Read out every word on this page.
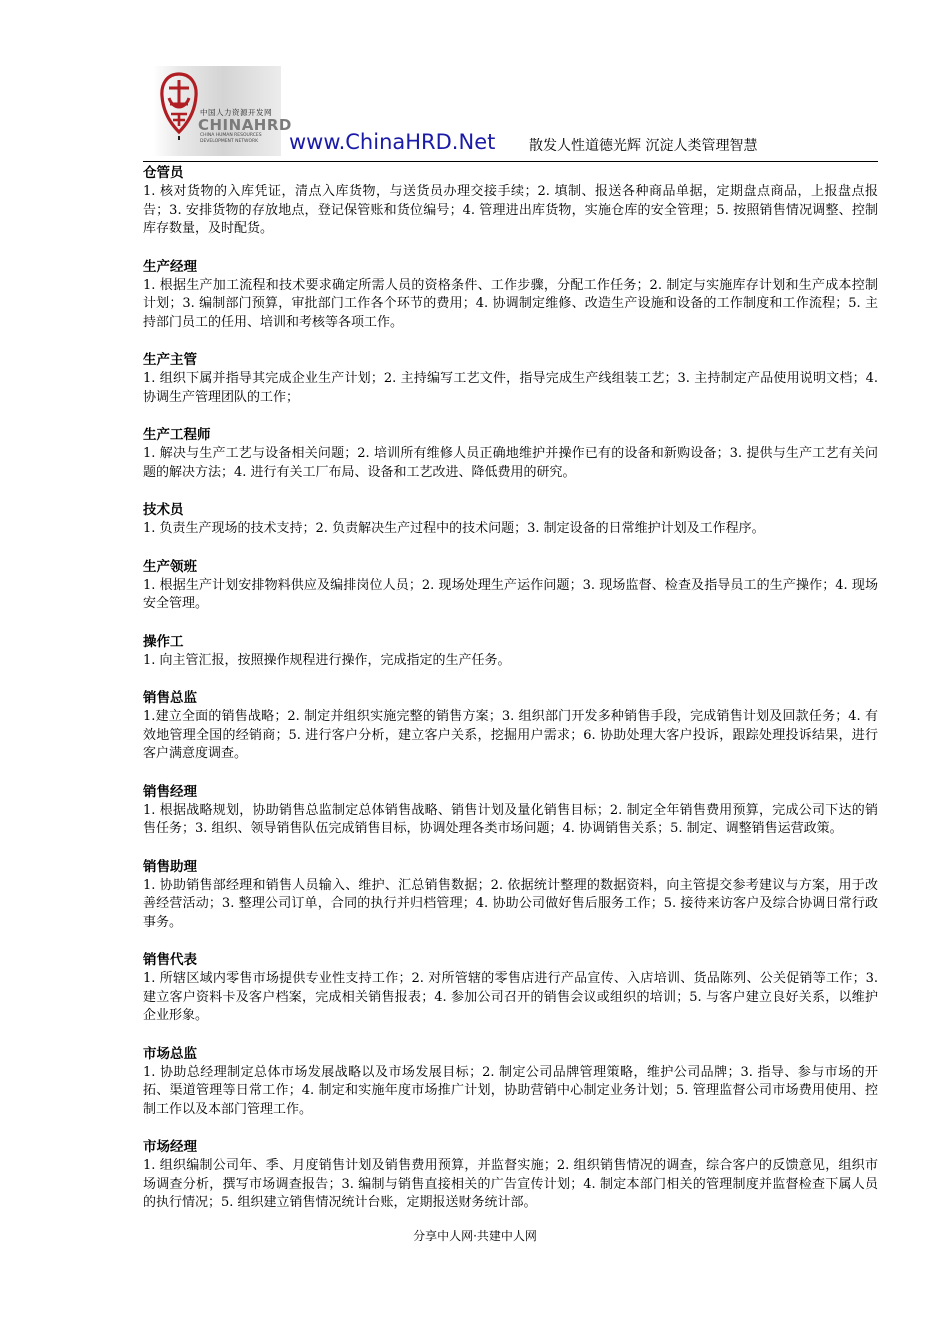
中国人力资源开发网
CHINAHRD
CHINA HUMAN RESOURCES
DEVELOPMENT NETWORK www.ChinaHRD.Net 散发人性道德光辉 沉淀人类管理智慧
仓管员
1. 核对货物的入库凭证，清点入库货物，与送货员办理交接手续；2. 填制、报送各种商品单据，定期盘点商品，上报盘点报告；3. 安排货物的存放地点，登记保管账和货位编号；4. 管理进出库货物，实施仓库的安全管理；5. 按照销售情况调整、控制库存数量，及时配货。
生产经理
1. 根据生产加工流程和技术要求确定所需人员的资格条件、工作步骤，分配工作任务；2. 制定与实施库存计划和生产成本控制计划；3. 编制部门预算，审批部门工作各个环节的费用；4. 协调制定维修、改造生产设施和设备的工作制度和工作流程；5. 主持部门员工的任用、培训和考核等各项工作。
生产主管
1. 组织下属并指导其完成企业生产计划；2. 主持编写工艺文件，指导完成生产线组装工艺；3. 主持制定产品使用说明文档；4. 协调生产管理团队的工作；
生产工程师
1. 解决与生产工艺与设备相关问题；2. 培训所有维修人员正确地维护并操作已有的设备和新购设备；3. 提供与生产工艺有关问题的解决方法；4. 进行有关工厂布局、设备和工艺改进、降低费用的研究。
技术员
1. 负责生产现场的技术支持；2. 负责解决生产过程中的技术问题；3. 制定设备的日常维护计划及工作程序。
生产领班
1. 根据生产计划安排物料供应及编排岗位人员；2. 现场处理生产运作问题；3. 现场监督、检查及指导员工的生产操作；4. 现场安全管理。
操作工
1. 向主管汇报，按照操作规程进行操作，完成指定的生产任务。
销售总监
1.建立全面的销售战略；2. 制定并组织实施完整的销售方案；3. 组织部门开发多种销售手段，完成销售计划及回款任务；4. 有效地管理全国的经销商；5. 进行客户分析，建立客户关系，挖掘用户需求；6. 协助处理大客户投诉，跟踪处理投诉结果，进行客户满意度调查。
销售经理
1. 根据战略规划，协助销售总监制定总体销售战略、销售计划及量化销售目标；2. 制定全年销售费用预算，完成公司下达的销售任务；3. 组织、领导销售队伍完成销售目标，协调处理各类市场问题；4. 协调销售关系；5. 制定、调整销售运营政策。
销售助理
1. 协助销售部经理和销售人员输入、维护、汇总销售数据；2. 依据统计整理的数据资料，向主管提交参考建议与方案，用于改善经营活动；3. 整理公司订单，合同的执行并归档管理；4. 协助公司做好售后服务工作；5. 接待来访客户及综合协调日常行政事务。
销售代表
1. 所辖区域内零售市场提供专业性支持工作；2. 对所管辖的零售店进行产品宣传、入店培训、货品陈列、公关促销等工作；3. 建立客户资料卡及客户档案，完成相关销售报表；4. 参加公司召开的销售会议或组织的培训；5. 与客户建立良好关系，以维护企业形象。
市场总监
1. 协助总经理制定总体市场发展战略以及市场发展目标；2. 制定公司品牌管理策略，维护公司品牌；3. 指导、参与市场的开拓、渠道管理等日常工作；4. 制定和实施年度市场推广计划，协助营销中心制定业务计划；5. 管理监督公司市场费用使用、控制工作以及本部门管理工作。
市场经理
1. 组织编制公司年、季、月度销售计划及销售费用预算，并监督实施；2. 组织销售情况的调查，综合客户的反馈意见，组织市场调查分析，撰写市场调查报告；3. 编制与销售直接相关的广告宣传计划；4. 制定本部门相关的管理制度并监督检查下属人员的执行情况；5. 组织建立销售情况统计台账，定期报送财务统计部。
分享中人网·共建中人网
